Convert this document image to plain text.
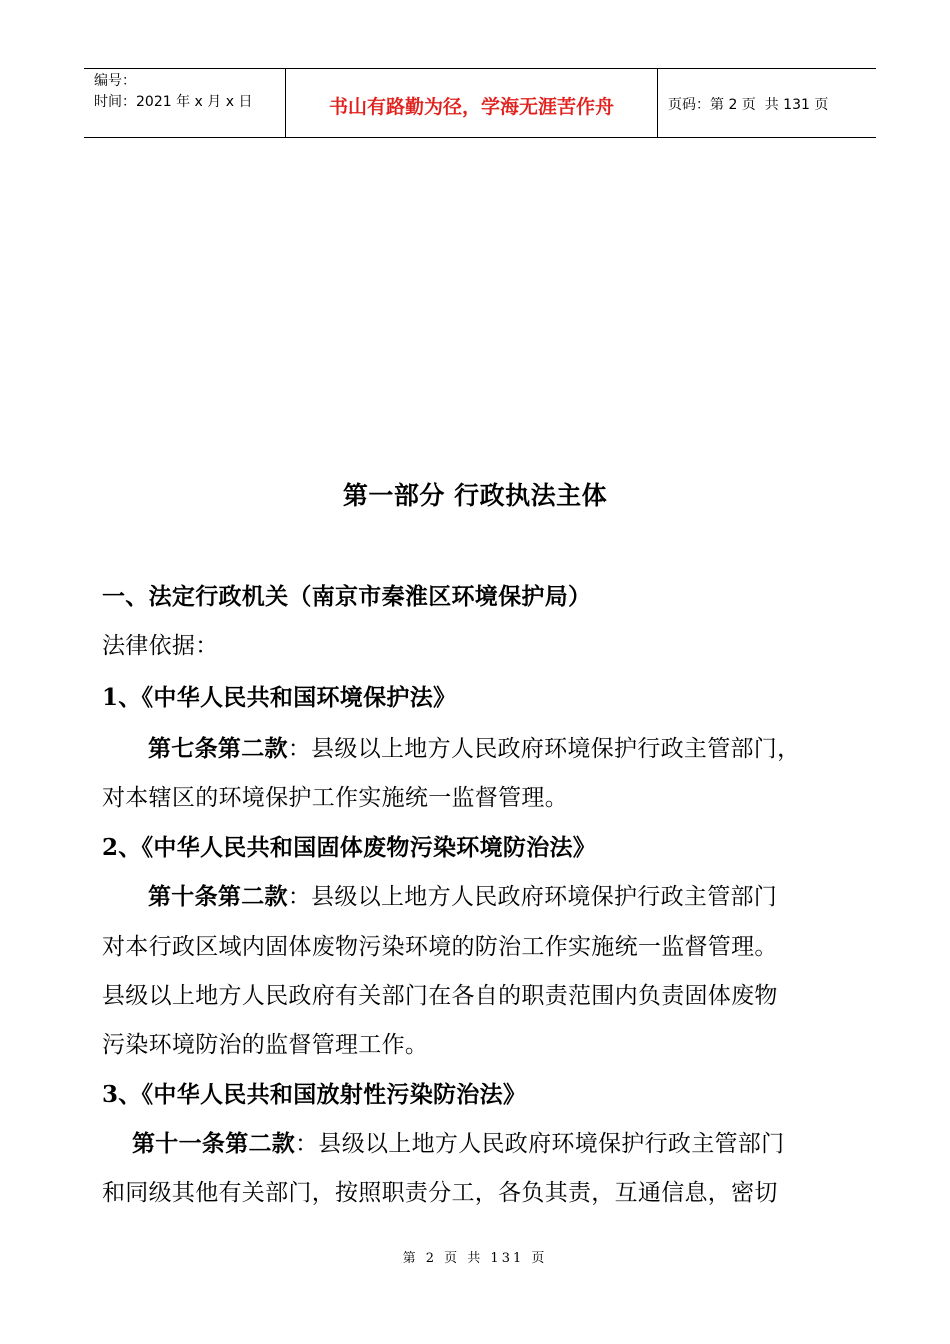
编号：
时间：2021 年 x 月 x 日	书山有路勤为径，学海无涯苦作舟	页码：第 2 页  共 131 页
第一部分 行政执法主体
一、法定行政机关（南京市秦淮区环境保护局）
法律依据：
1、《中华人民共和国环境保护法》
第七条第二款：县级以上地方人民政府环境保护行政主管部门，
对本辖区的环境保护工作实施统一监督管理。
2、《中华人民共和国固体废物污染环境防治法》
第十条第二款：县级以上地方人民政府环境保护行政主管部门
对本行政区域内固体废物污染环境的防治工作实施统一监督管理。
县级以上地方人民政府有关部门在各自的职责范围内负责固体废物
污染环境防治的监督管理工作。
3、《中华人民共和国放射性污染防治法》
第十一条第二款：县级以上地方人民政府环境保护行政主管部门
和同级其他有关部门，按照职责分工，各负其责，互通信息，密切
第 2 页 共 131 页
